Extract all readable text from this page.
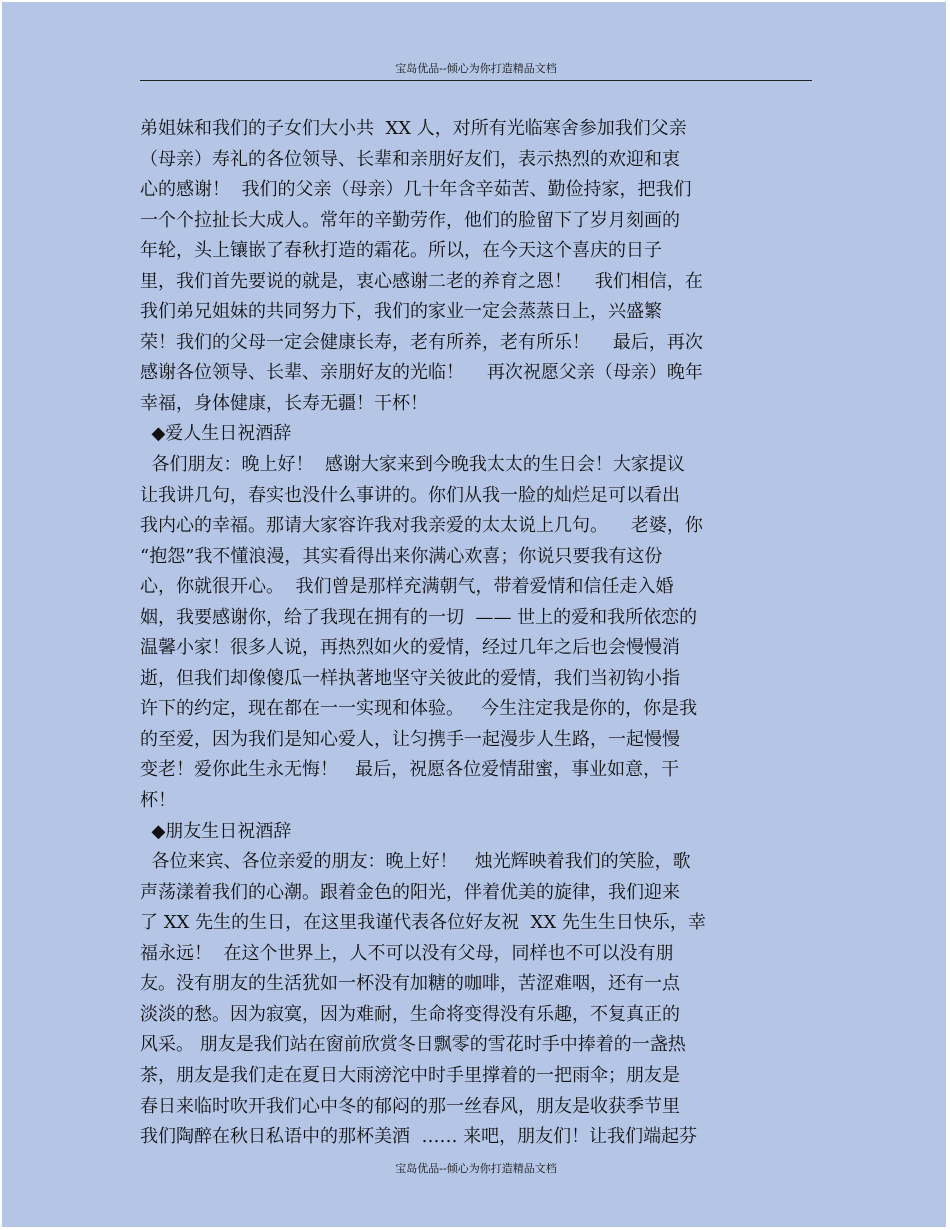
宝岛优品--倾心为你打造精品文档
弟姐妹和我们的子女们大小共  XX 人，对所有光临寒舍参加我们父亲
（母亲）寿礼的各位领导、长辈和亲朋好友们，表示热烈的欢迎和衷
心的感谢！  我们的父亲（母亲）几十年含辛茹苦、勤俭持家，把我们
一个个拉扯长大成人。常年的辛勤劳作，他们的脸留下了岁月刻画的
年轮，头上镶嵌了春秋打造的霜花。所以，在今天这个喜庆的日子
里，我们首先要说的就是，衷心感谢二老的养育之恩！    我们相信，在
我们弟兄姐妹的共同努力下，我们的家业一定会蒸蒸日上，兴盛繁
荣！我们的父母一定会健康长寿，老有所养，老有所乐！    最后，再次
感谢各位领导、长辈、亲朋好友的光临！    再次祝愿父亲（母亲）晚年
幸福，身体健康，长寿无疆！干杯！
◆爱人生日祝酒辞
各们朋友：晚上好！  感谢大家来到今晚我太太的生日会！大家提议
让我讲几句，春实也没什么事讲的。你们从我一脸的灿烂足可以看出
我内心的幸福。那请大家容许我对我亲爱的太太说上几句。    老婆，你
“抱怨”我不懂浪漫，其实看得出来你满心欢喜；你说只要我有这份
心，你就很开心。  我们曾是那样充满朝气，带着爱情和信任走入婚
姻，我要感谢你，给了我现在拥有的一切  —— 世上的爱和我所依恋的
温馨小家！很多人说，再热烈如火的爱情，经过几年之后也会慢慢消
逝，但我们却像傻瓜一样执著地坚守关彼此的爱情，我们当初钩小指
许下的约定，现在都在一一实现和体验。   今生注定我是你的，你是我
的至爱，因为我们是知心爱人，让匀携手一起漫步人生路，一起慢慢
变老！爱你此生永无悔！   最后，祝愿各位爱情甜蜜，事业如意，干
杯！
◆朋友生日祝酒辞
各位来宾、各位亲爱的朋友：晚上好！   烛光辉映着我们的笑脸，歌
声荡漾着我们的心潮。跟着金色的阳光，伴着优美的旋律，我们迎来
了 XX 先生的生日，在这里我谨代表各位好友祝  XX 先生生日快乐，幸
福永远！  在这个世界上，人不可以没有父母，同样也不可以没有朋
友。没有朋友的生活犹如一杯没有加糖的咖啡，苦涩难咽，还有一点
淡淡的愁。因为寂寞，因为难耐，生命将变得没有乐趣，不复真正的
风采。 朋友是我们站在窗前欣赏冬日飘零的雪花时手中捧着的一盏热
茶，朋友是我们走在夏日大雨滂沱中时手里撑着的一把雨伞；朋友是
春日来临时吹开我们心中冬的郁闷的那一丝春风，朋友是收获季节里
我们陶醉在秋日私语中的那杯美酒  …… 来吧，朋友们！让我们端起芬
宝岛优品--倾心为你打造精品文档
